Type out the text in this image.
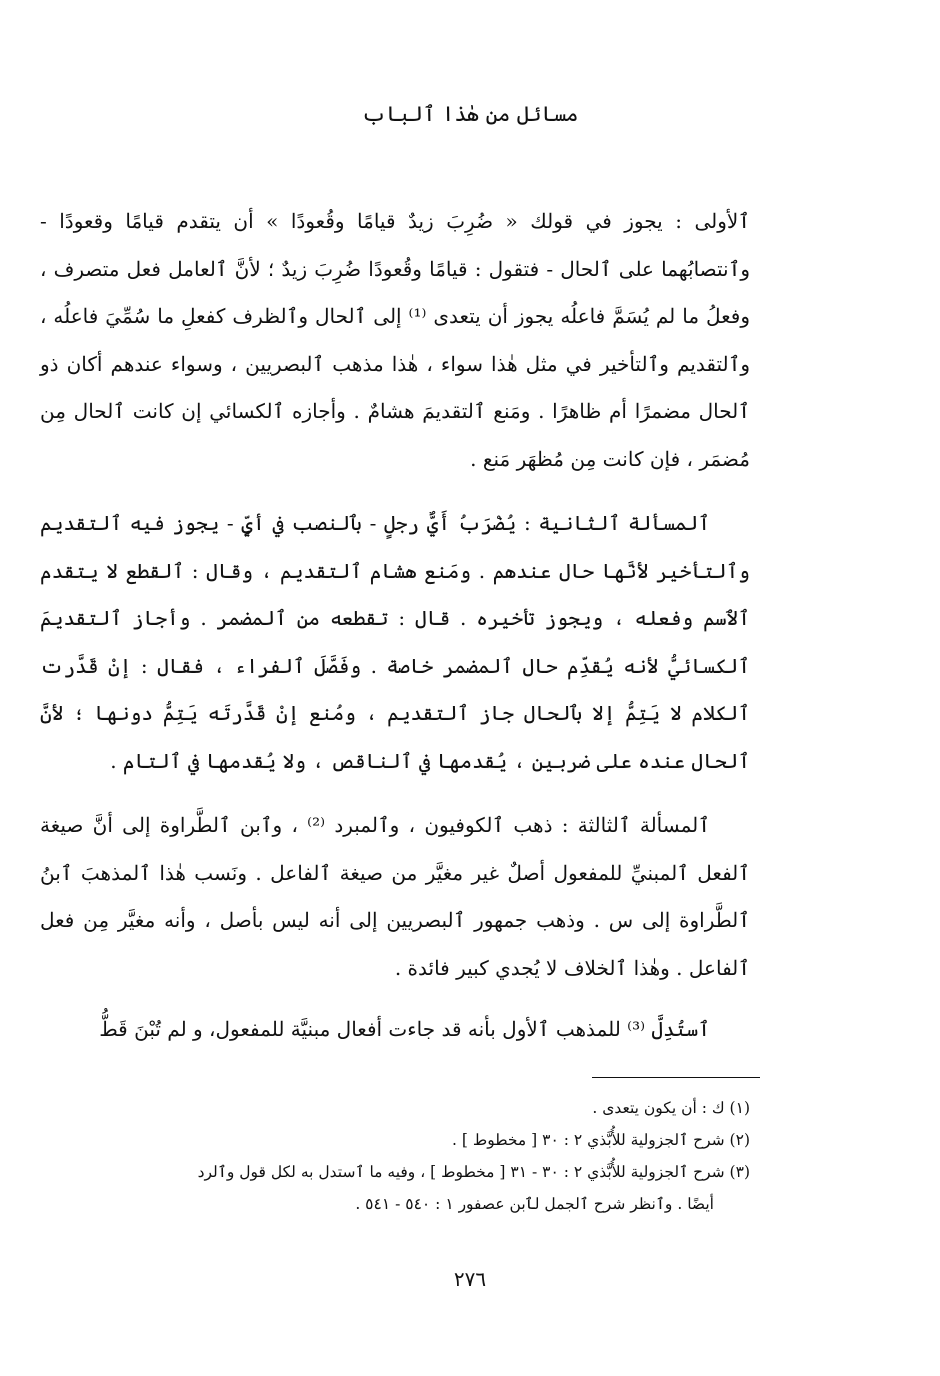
مسائل من هٰذا ٱلباب

ٱلأولى : يجوز في قولك « ضُرِبَ زيدٌ قيامًا وقُعودًا » أن يتقدم قيامًا وقعودًا - وٱنتصابُهما على ٱلحال - فتقول : قيامًا وقُعودًا ضُرِبَ زيدٌ ؛ لأنَّ ٱلعامل فعل متصرف ، وفعلُ ما لم يُسَمَّ فاعلُه يجوز أن يتعدى ⁽¹⁾ إلى ٱلحال وٱلظرف كفعلِ ما سُمِّيَ فاعلُه ، وٱلتقديم وٱلتأخير في مثل هٰذا سواء ، هٰذا مذهب ٱلبصريين ، وسواء عندهم أكان ذو ٱلحال مضمرًا أم ظاهرًا . ومَنع ٱلتقديمَ هشامٌ . وأجازه ٱلكسائي إن كانت ٱلحال مِن مُضمَر ، فإن كانت مِن مُظهَر مَنع .

ٱلمسألة ٱلثانية : يُضْرَبُ أَيٌّ رجلٍ - بٱلنصب في أيٍّ - يجوز فيه ٱلتقديم وٱلتأخير لأنَّها حال عندهم . ومَنع هشام ٱلتقديم ، وقال : ٱلقطع لا يتقدم ٱلٱسم وفعله ، ويجوز تأخيره . قال : تقطعه من ٱلمضمر . وأجاز ٱلتقديمَ ٱلكسائيُّ لأنه يُقدِّم حال ٱلمضمر خاصة . وفَصَّلَ ٱلفراء ، فقال : إنْ قَدَّرت ٱلكلام لا يَتِمُّ إلا بٱلحال جاز ٱلتقديم ، ومُنع إنْ قَدَّرتَه يَتِمُّ دونها ؛ لأنَّ ٱلحال عنده على ضربين ، يُقدمها في ٱلناقص ، ولا يُقدمها في ٱلتام .

ٱلمسألة ٱلثالثة : ذهب ٱلكوفيون ، وٱلمبرد ⁽²⁾ ، وٱبن ٱلطَّراوة إلى أنَّ صيغة ٱلفعل ٱلمبنيِّ للمفعول أصلٌ غير مغيَّر من صيغة ٱلفاعل . ونَسب هٰذا ٱلمذهبَ ٱبنُ ٱلطَّراوة إلى س . وذهب جمهور ٱلبصريين إلى أنه ليس بأصل ، وأنه مغيَّر مِن فعل ٱلفاعل . وهٰذا ٱلخلاف لا يُجدي كبير فائدة .

ٱستُدِلَّ ⁽³⁾ للمذهب ٱلأول بأنه قد جاءت أفعال مبنيَّة للمفعول، و لم تُبْنَ قَطُّ

(١) ك : أن يكون يتعدى .

(٢) شرح ٱلجزولية للأُبَّذي ٢ : ٣٠ [ مخطوط ] .

(٣) شرح ٱلجزولية للأُبَّذي ٢ : ٣٠ - ٣١ [ مخطوط ] ، وفيه ما ٱستدل به لكل قول وٱلرد

أيضًا . وٱنظر شرح ٱلجمل لٱبن عصفور ١ : ٥٤٠ - ٥٤١ .

٢٧٦
